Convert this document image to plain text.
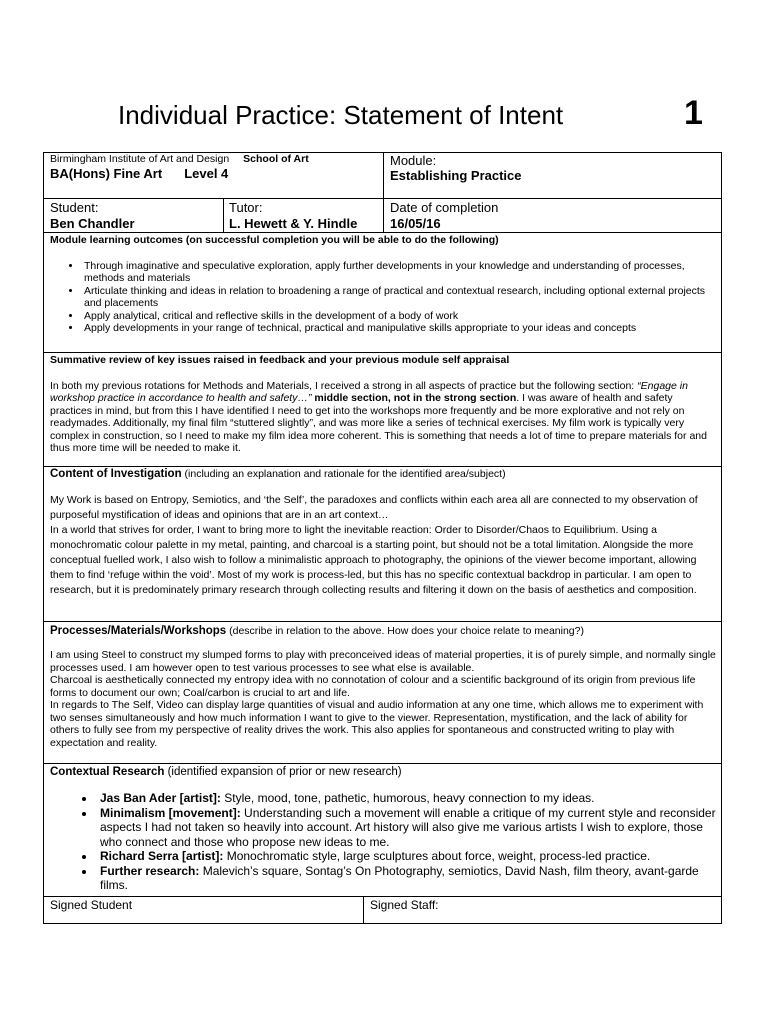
Individual Practice: Statement of Intent	1
Birmingham Institute of Art and Design School of Art
BA(Hons) Fine Art Level 4
Module:
Establishing Practice
Student:
Ben Chandler
Tutor:
L. Hewett & Y. Hindle
Date of completion
16/05/16
Module learning outcomes (on successful completion you will be able to do the following)
• Through imaginative and speculative exploration, apply further developments in your knowledge and understanding of processes, methods and materials
• Articulate thinking and ideas in relation to broadening a range of practical and contextual research, including optional external projects and placements
• Apply analytical, critical and reflective skills in the development of a body of work
• Apply developments in your range of technical, practical and manipulative skills appropriate to your ideas and concepts
Summative review of key issues raised in feedback and your previous module self appraisal

In both my previous rotations for Methods and Materials, I received a strong in all aspects of practice but the following section: “Engage in workshop practice in accordance to health and safety…” middle section, not in the strong section. I was aware of health and safety practices in mind, but from this I have identified I need to get into the workshops more frequently and be more explorative and not rely on readymades. Additionally, my final film “stuttered slightly”, and was more like a series of technical exercises. My film work is typically very complex in construction, so I need to make my film idea more coherent. This is something that needs a lot of time to prepare materials for and thus more time will be needed to make it.

Content of Investigation (including an explanation and rationale for the identified area/subject)

My Work is based on Entropy, Semiotics, and ‘the Self’, the paradoxes and conflicts within each area all are connected to my observation of purposeful mystification of ideas and opinions that are in an art context…

In a world that strives for order, I want to bring more to light the inevitable reaction: Order to Disorder/Chaos to Equilibrium. Using a monochromatic colour palette in my metal, painting, and charcoal is a starting point, but should not be a total limitation. Alongside the more conceptual fuelled work, I also wish to follow a minimalistic approach to photography, the opinions of the viewer become important, allowing them to find ‘refuge within the void’. Most of my work is process-led, but this has no specific contextual backdrop in particular. I am open to research, but it is predominately primary research through collecting results and filtering it down on the basis of aesthetics and composition.

Processes/Materials/Workshops (describe in relation to the above. How does your choice relate to meaning?)

I am using Steel to construct my slumped forms to play with preconceived ideas of material properties, it is of purely simple, and normally single processes used. I am however open to test various processes to see what else is available.

Charcoal is aesthetically connected my entropy idea with no connotation of colour and a scientific background of its origin from previous life forms to document our own; Coal/carbon is crucial to art and life.

In regards to The Self, Video can display large quantities of visual and audio information at any one time, which allows me to experiment with two senses simultaneously and how much information I want to give to the viewer. Representation, mystification, and the lack of ability for others to fully see from my perspective of reality drives the work. This also applies for spontaneous and constructed writing to play with expectation and reality.

Contextual Research (identified expansion of prior or new research)
• Jas Ban Ader [artist]: Style, mood, tone, pathetic, humorous, heavy connection to my ideas.
• Minimalism [movement]: Understanding such a movement will enable a critique of my current style and reconsider aspects I had not taken so heavily into account. Art history will also give me various artists I wish to explore, those who connect and those who propose new ideas to me.
• Richard Serra [artist]: Monochromatic style, large sculptures about force, weight, process-led practice.
• Further research: Malevich’s square, Sontag’s On Photography, semiotics, David Nash, film theory, avant-garde films.
Signed Student	Signed Staff:
